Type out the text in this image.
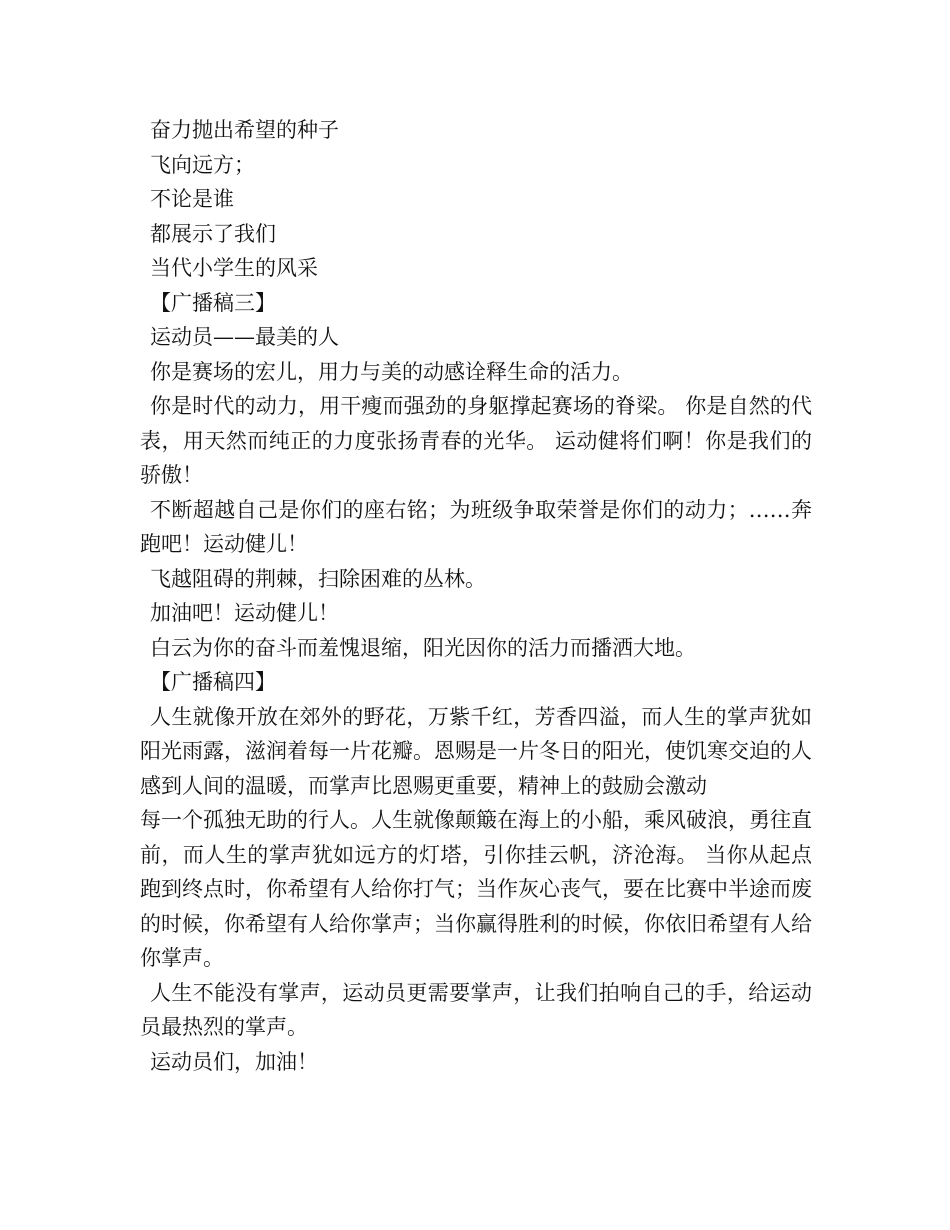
奋力抛出希望的种子
飞向远方；
不论是谁
都展示了我们
当代小学生的风采
【广播稿三】
运动员——最美的人
你是赛场的宏儿，用力与美的动感诠释生命的活力。
你是时代的动力，用干瘦而强劲的身躯撑起赛场的脊梁。 你是自然的代表，用天然而纯正的力度张扬青春的光华。 运动健将们啊！你是我们的骄傲！
不断超越自己是你们的座右铭；为班级争取荣誉是你们的动力；……奔跑吧！运动健儿！
飞越阻碍的荆棘，扫除困难的丛林。
加油吧！运动健儿！
白云为你的奋斗而羞愧退缩，阳光因你的活力而播洒大地。
【广播稿四】
人生就像开放在郊外的野花，万紫千红，芳香四溢，而人生的掌声犹如阳光雨露，滋润着每一片花瓣。恩赐是一片冬日的阳光，使饥寒交迫的人感到人间的温暖，而掌声比恩赐更重要，精神上的鼓励会激动
每一个孤独无助的行人。人生就像颠簸在海上的小船，乘风破浪，勇往直前，而人生的掌声犹如远方的灯塔，引你挂云帆，济沧海。 当你从起点跑到终点时，你希望有人给你打气；当作灰心丧气，要在比赛中半途而废的时候，你希望有人给你掌声；当你赢得胜利的时候，你依旧希望有人给你掌声。
人生不能没有掌声，运动员更需要掌声，让我们拍响自己的手，给运动员最热烈的掌声。
运动员们，加油！
